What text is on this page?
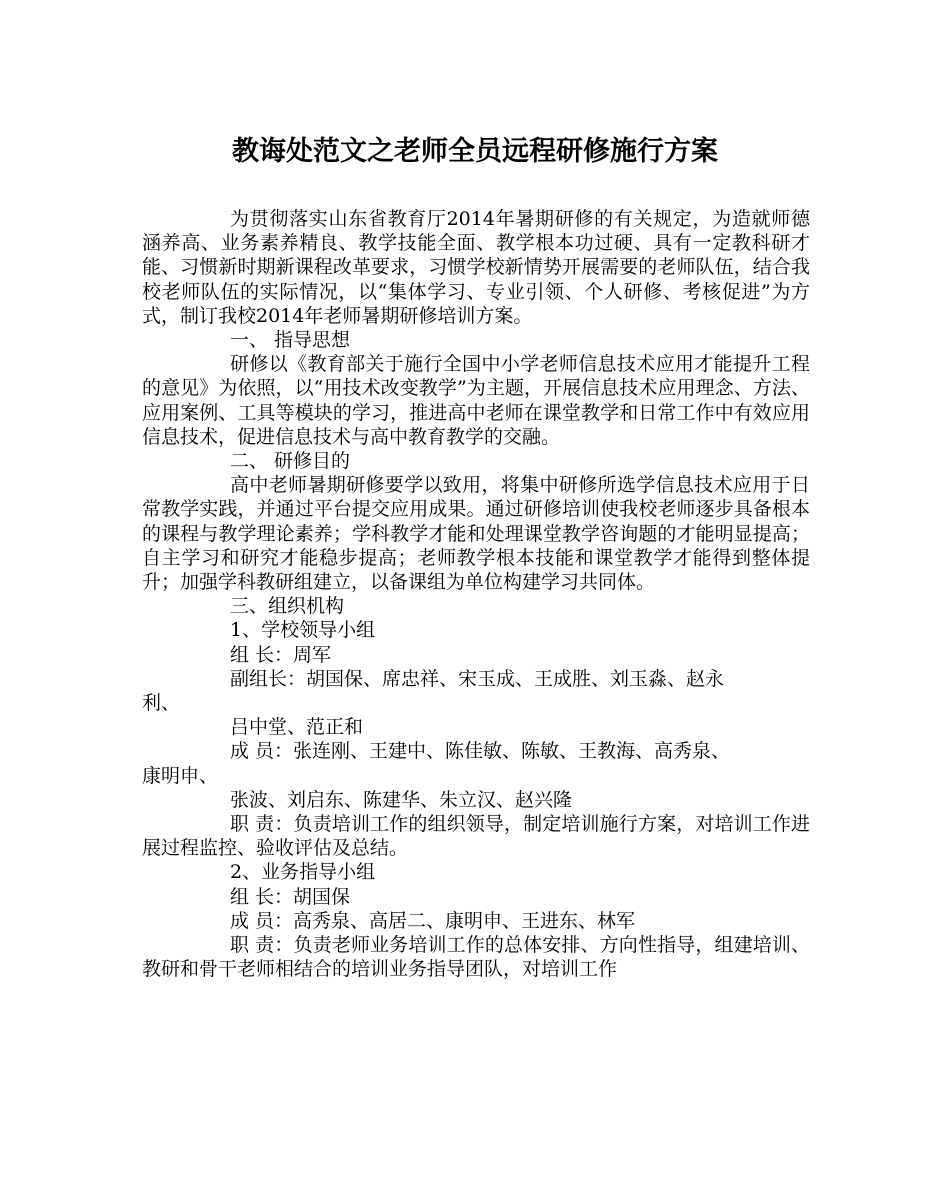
教诲处范文之老师全员远程研修施行方案

为贯彻落实山东省教育厅2014年暑期研修的有关规定，为造就师德涵养高、业务素养精良、教学技能全面、教学根本功过硬、具有一定教科研才能、习惯新时期新课程改革要求，习惯学校新情势开展需要的老师队伍，结合我校老师队伍的实际情况，以“集体学习、专业引领、个人研修、考核促进”为方式，制订我校2014年老师暑期研修培训方案。

一、 指导思想

研修以《教育部关于施行全国中小学老师信息技术应用才能提升工程的意见》为依照，以“用技术改变教学”为主题，开展信息技术应用理念、方法、应用案例、工具等模块的学习，推进高中老师在课堂教学和日常工作中有效应用信息技术，促进信息技术与高中教育教学的交融。

二、 研修目的

高中老师暑期研修要学以致用，将集中研修所选学信息技术应用于日常教学实践，并通过平台提交应用成果。通过研修培训使我校老师逐步具备根本的课程与教学理论素养；学科教学才能和处理课堂教学咨询题的才能明显提高；自主学习和研究才能稳步提高；老师教学根本技能和课堂教学才能得到整体提升；加强学科教研组建立，以备课组为单位构建学习共同体。

三、组织机构
1、学校领导小组
组 长：周军
副组长：胡国保、席忠祥、宋玉成、王成胜、刘玉淼、赵永
利、
吕中堂、范正和
成 员：张连刚、王建中、陈佳敏、陈敏、王教海、高秀泉、
康明申、
张波、刘启东、陈建华、朱立汉、赵兴隆

职 责：负责培训工作的组织领导，制定培训施行方案，对培训工作进展过程监控、验收评估及总结。

2、业务指导小组
组 长：胡国保
成 员：高秀泉、高居二、康明申、王进东、林军

职 责：负责老师业务培训工作的总体安排、方向性指导，组建培训、教研和骨干老师相结合的培训业务指导团队，对培训工作
